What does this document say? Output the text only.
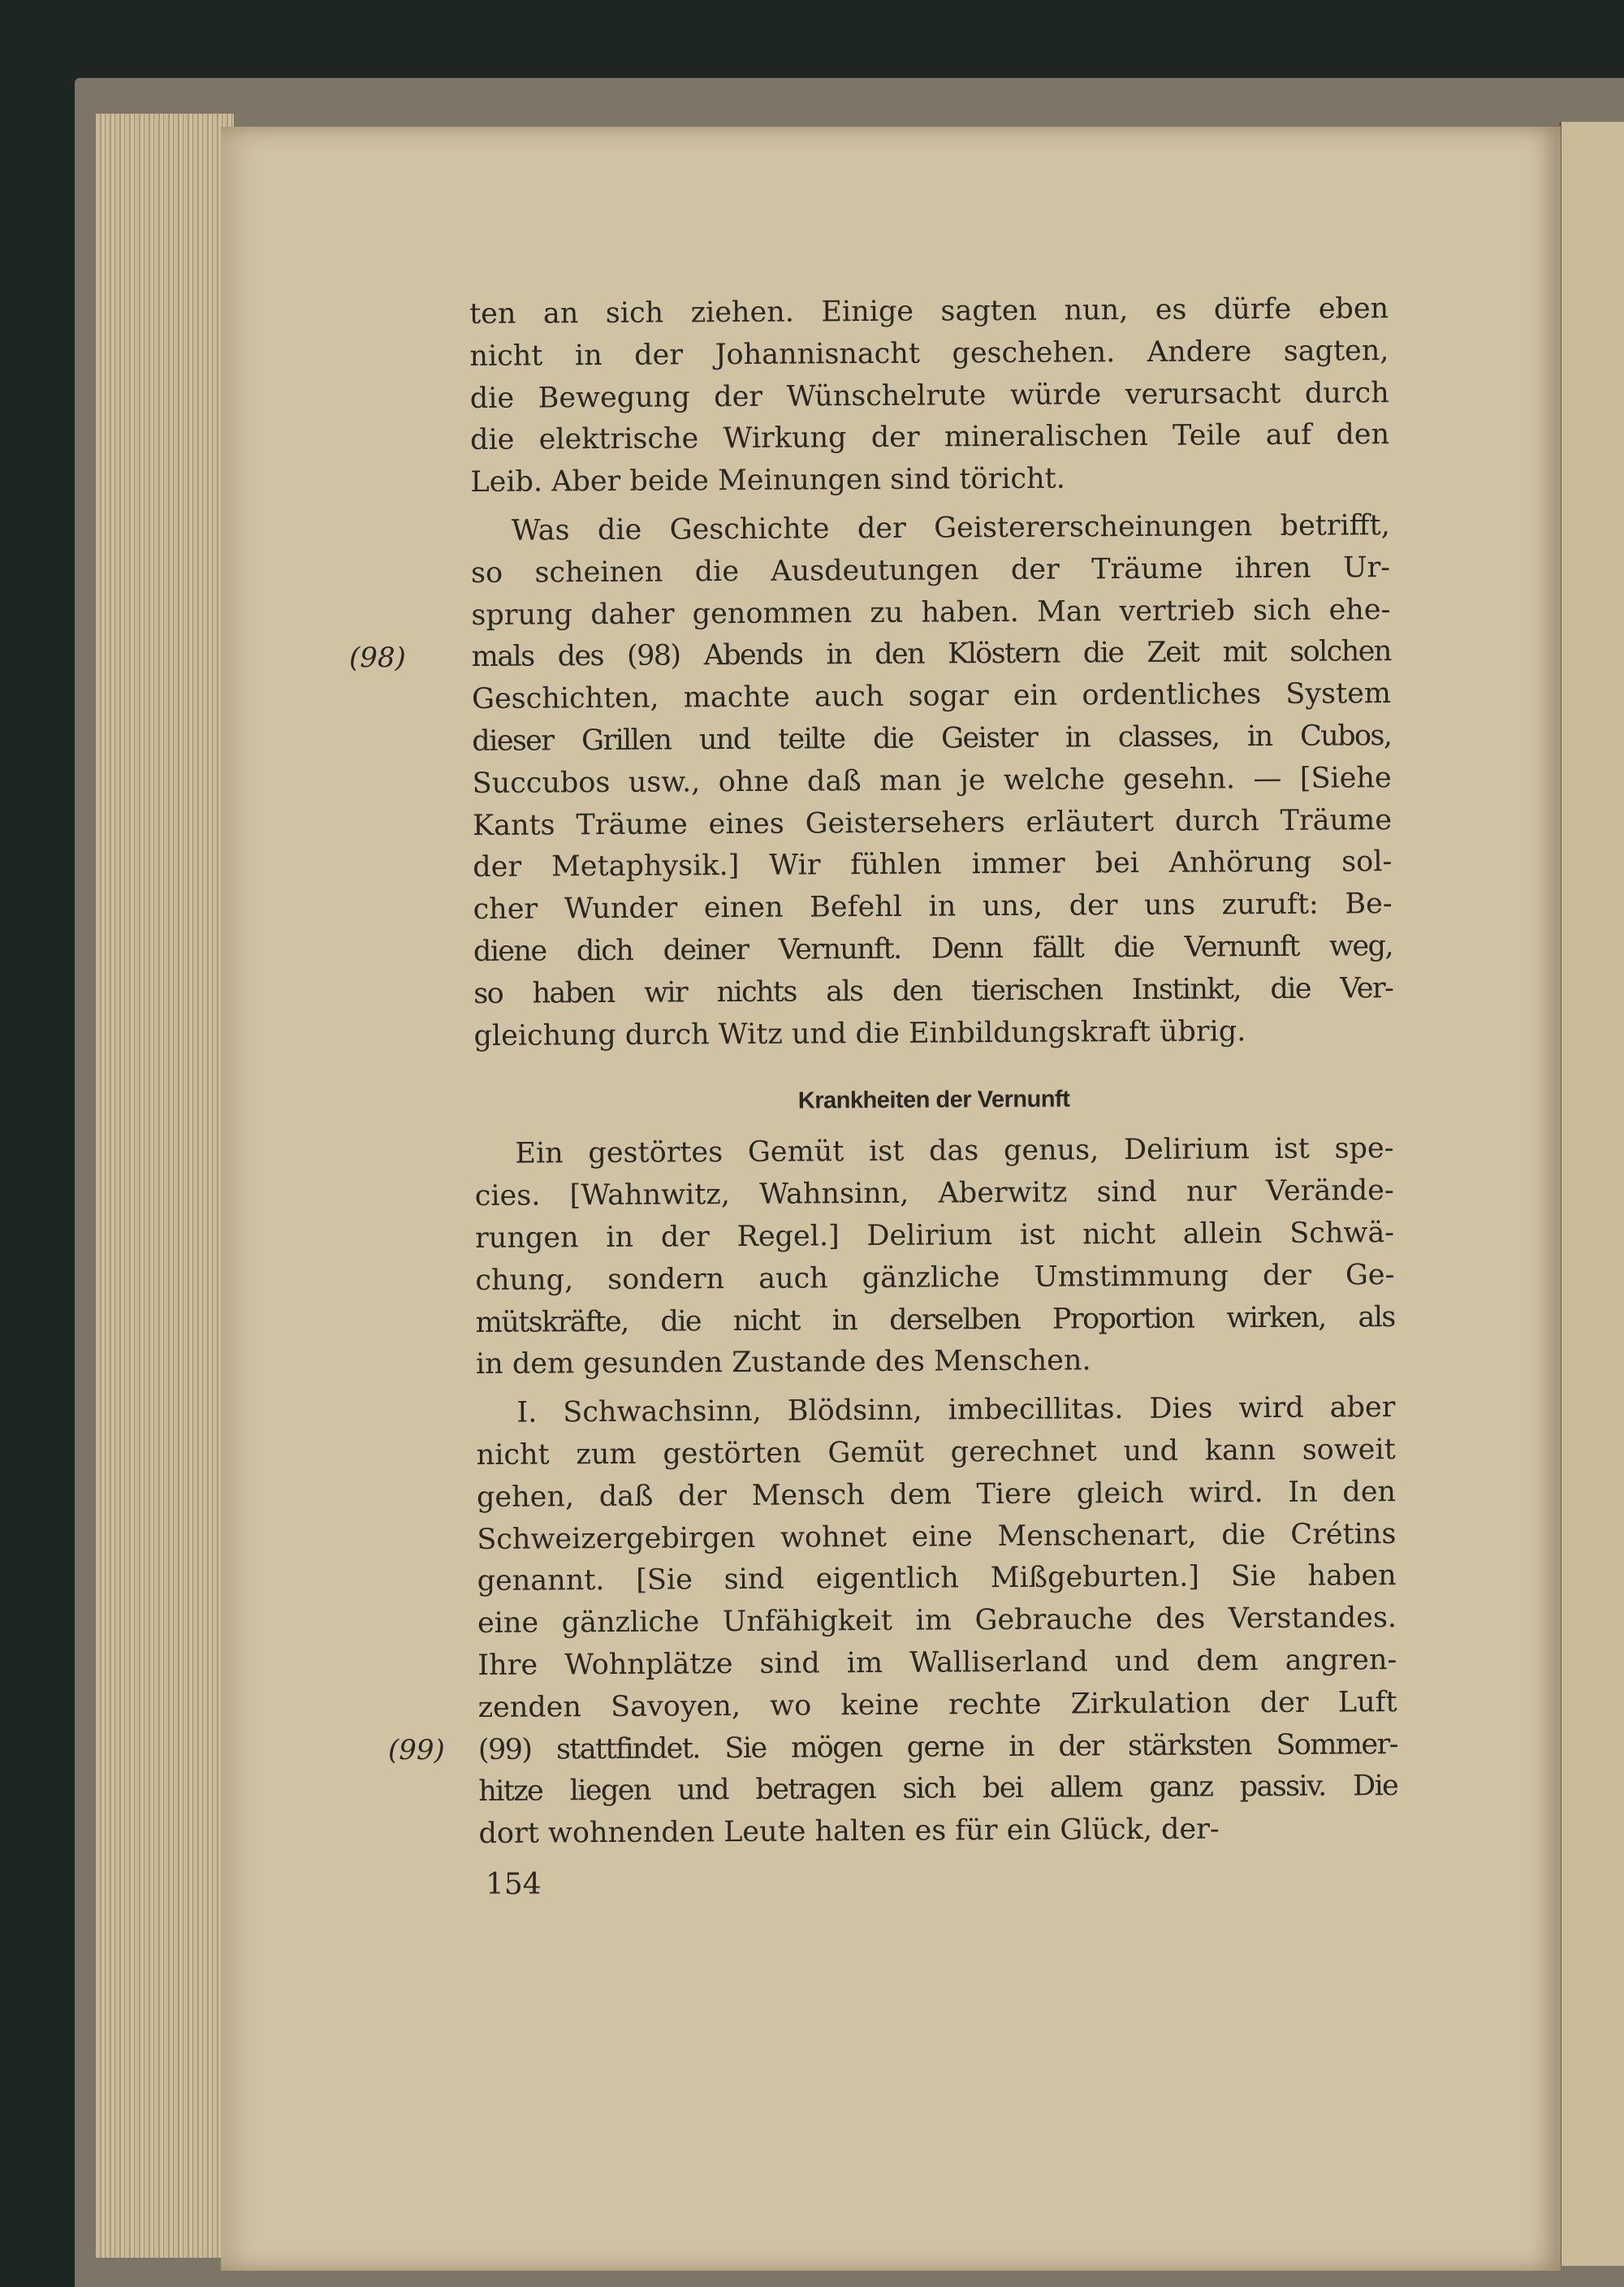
ten an sich ziehen. Einige sagten nun, es dürfe eben
nicht in der Johannisnacht geschehen. Andere sagten,
die Bewegung der Wünschelrute würde verursacht durch
die elektrische Wirkung der mineralischen Teile auf den
Leib. Aber beide Meinungen sind töricht.
Was die Geschichte der Geistererscheinungen betrifft,
so scheinen die Ausdeutungen der Träume ihren Ur-
sprung daher genommen zu haben. Man vertrieb sich ehe-
mals des (98) Abends in den Klöstern die Zeit mit solchen
Geschichten, machte auch sogar ein ordentliches System
dieser Grillen und teilte die Geister in classes, in Cubos,
Succubos usw., ohne daß man je welche gesehn. — [Siehe
Kants Träume eines Geistersehers erläutert durch Träume
der Metaphysik.] Wir fühlen immer bei Anhörung sol-
cher Wunder einen Befehl in uns, der uns zuruft: Be-
diene dich deiner Vernunft. Denn fällt die Vernunft weg,
so haben wir nichts als den tierischen Instinkt, die Ver-
gleichung durch Witz und die Einbildungskraft übrig.
Krankheiten der Vernunft
Ein gestörtes Gemüt ist das genus, Delirium ist spe-
cies. [Wahnwitz, Wahnsinn, Aberwitz sind nur Verände-
rungen in der Regel.] Delirium ist nicht allein Schwä-
chung, sondern auch gänzliche Umstimmung der Ge-
mütskräfte, die nicht in derselben Proportion wirken, als
in dem gesunden Zustande des Menschen.
I. Schwachsinn, Blödsinn, imbecillitas. Dies wird aber
nicht zum gestörten Gemüt gerechnet und kann soweit
gehen, daß der Mensch dem Tiere gleich wird. In den
Schweizergebirgen wohnet eine Menschenart, die Crétins
genannt. [Sie sind eigentlich Mißgeburten.] Sie haben
eine gänzliche Unfähigkeit im Gebrauche des Verstandes.
Ihre Wohnplätze sind im Walliserland und dem angren-
zenden Savoyen, wo keine rechte Zirkulation der Luft
(99) stattfindet. Sie mögen gerne in der stärksten Sommer-
hitze liegen und betragen sich bei allem ganz passiv. Die
dort wohnenden Leute halten es für ein Glück, der-
(98)
(99)
154
